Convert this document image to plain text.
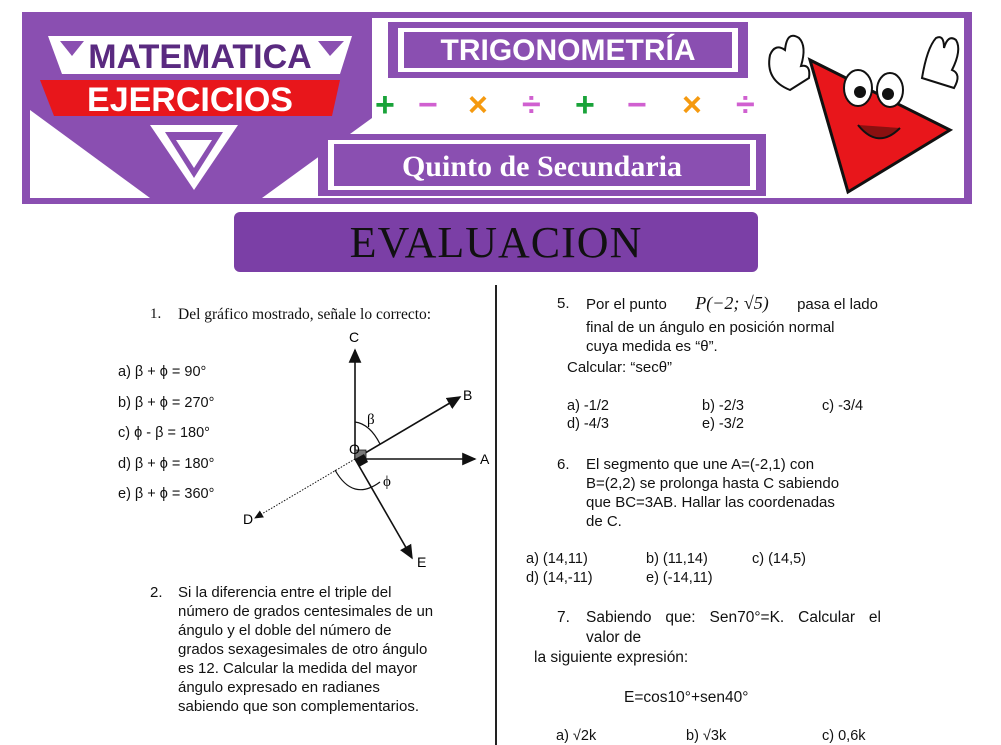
MATEMATICA
EJERCICIOS
TRIGONOMETRÍA
+ − × ÷ + − × ÷
Quinto de Secundaria
EVALUACION
1. Del gráfico mostrado, señale lo correcto:
a) β + ϕ = 90°
b) β + ϕ = 270°
c) ϕ - β = 180°
d) β + ϕ = 180°
e) β + ϕ = 360°
O
A
B
C
D
E
β
ϕ
2. Si la diferencia entre el triple del
número de grados centesimales de un
ángulo y el doble del número de
grados sexagesimales de otro ángulo
es 12. Calcular la medida del mayor
ángulo expresado en radianes
sabiendo que son complementarios.
5. Por el punto P(−2; √5) pasa el lado
final de un ángulo en posición normal
cuya medida es “θ”.
Calcular: “secθ”
a) -1/2	b) -2/3	c) -3/4
d) -4/3	e) -3/2
6. El segmento que une A=(-2,1) con
B=(2,2) se prolonga hasta C sabiendo
que BC=3AB. Hallar las coordenadas
de C.
a) (14,11)	b) (11,14)	c) (14,5)
d) (14,-11)	e) (-14,11)
7. Sabiendo que: Sen70°=K. Calcular el
valor de
la siguiente expresión:
E=cos10°+sen40°
a) √2k	b) √3k	c) 0,6k
